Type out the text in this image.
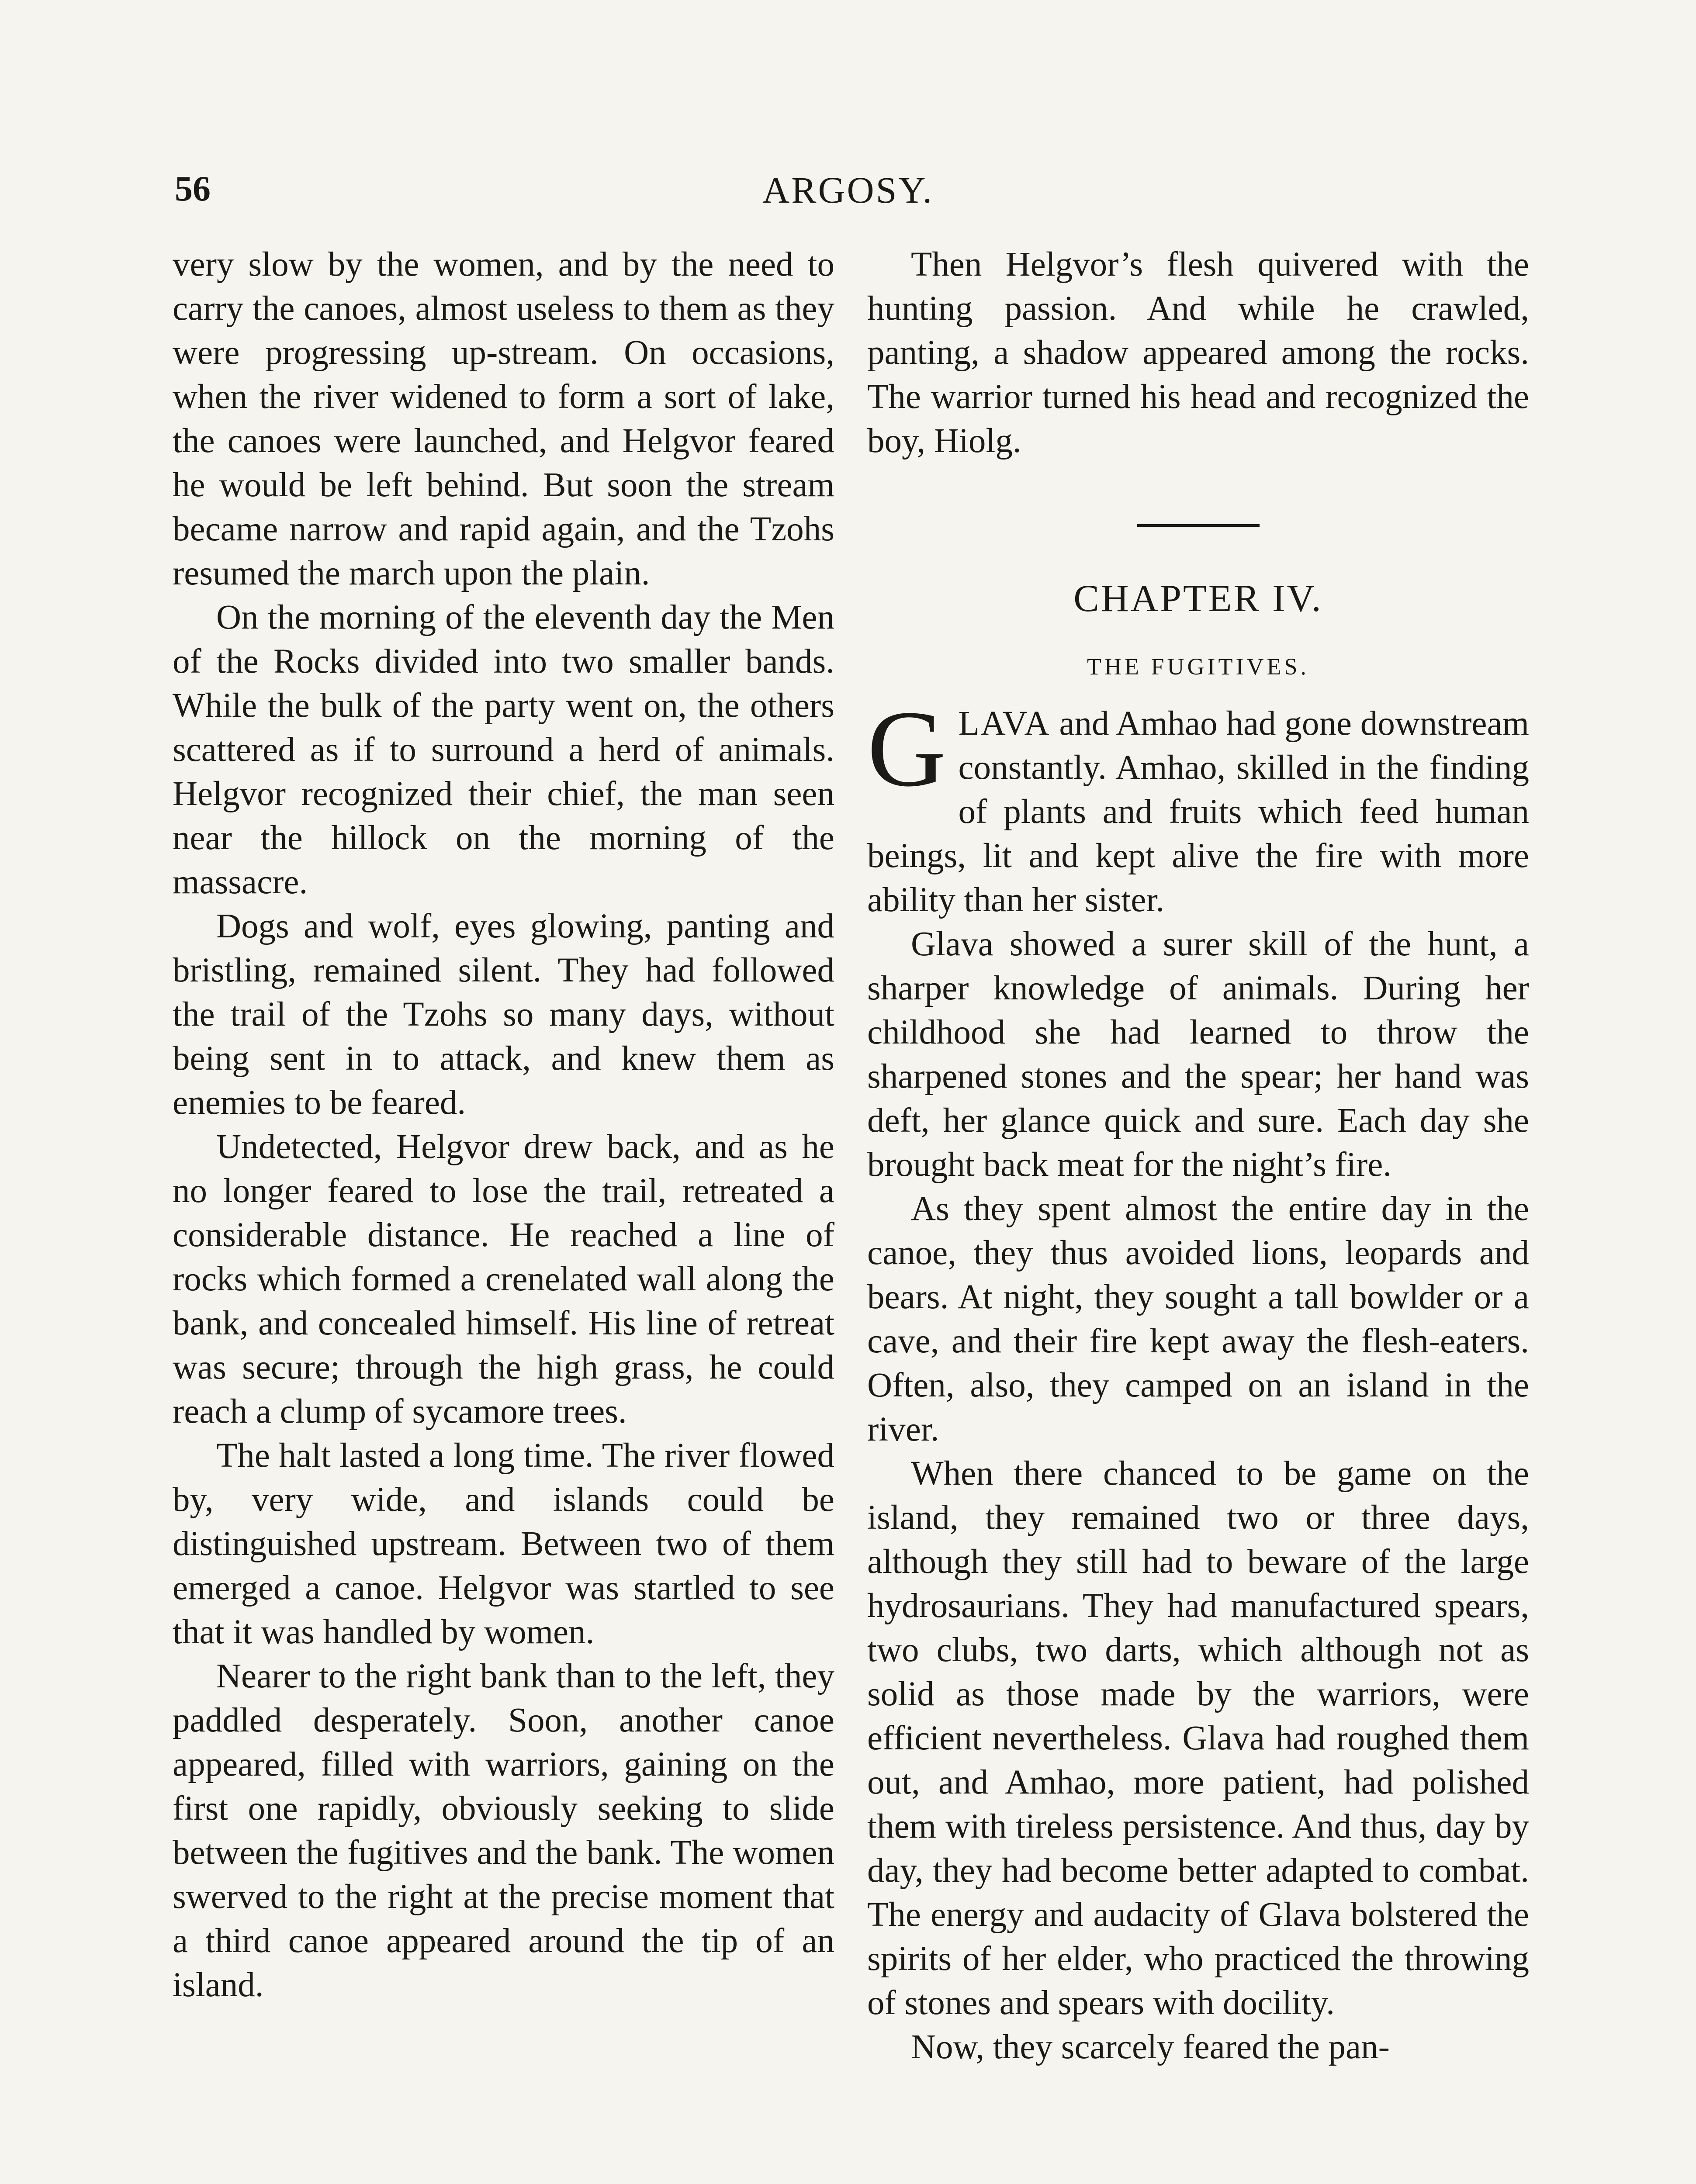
56	ARGOSY.

very slow by the women, and by the need to carry the canoes, almost useless to them as they were progressing up-stream. On occasions, when the river widened to form a sort of lake, the canoes were launched, and Helgvor feared he would be left behind. But soon the stream became narrow and rapid again, and the Tzohs resumed the march upon the plain.

On the morning of the eleventh day the Men of the Rocks divided into two smaller bands. While the bulk of the party went on, the others scattered as if to surround a herd of animals. Helgvor recognized their chief, the man seen near the hillock on the morning of the massacre.

Dogs and wolf, eyes glowing, panting and bristling, remained silent. They had followed the trail of the Tzohs so many days, without being sent in to attack, and knew them as enemies to be feared.

Undetected, Helgvor drew back, and as he no longer feared to lose the trail, retreated a considerable distance. He reached a line of rocks which formed a crenelated wall along the bank, and concealed himself. His line of retreat was secure; through the high grass, he could reach a clump of sycamore trees.

The halt lasted a long time. The river flowed by, very wide, and islands could be distinguished upstream. Between two of them emerged a canoe. Helgvor was startled to see that it was handled by women.

Nearer to the right bank than to the left, they paddled desperately. Soon, another canoe appeared, filled with warriors, gaining on the first one rapidly, obviously seeking to slide between the fugitives and the bank. The women swerved to the right at the precise moment that a third canoe appeared around the tip of an island.

Then Helgvor’s flesh quivered with the hunting passion. And while he crawled, panting, a shadow appeared among the rocks. The warrior turned his head and recognized the boy, Hiolg.

CHAPTER IV.
THE FUGITIVES.

GLAVA and Amhao had gone downstream constantly. Amhao, skilled in the finding of plants and fruits which feed human beings, lit and kept alive the fire with more ability than her sister.

Glava showed a surer skill of the hunt, a sharper knowledge of animals. During her childhood she had learned to throw the sharpened stones and the spear; her hand was deft, her glance quick and sure. Each day she brought back meat for the night’s fire.

As they spent almost the entire day in the canoe, they thus avoided lions, leopards and bears. At night, they sought a tall bowlder or a cave, and their fire kept away the flesh-eaters. Often, also, they camped on an island in the river.

When there chanced to be game on the island, they remained two or three days, although they still had to beware of the large hydrosaurians. They had manufactured spears, two clubs, two darts, which although not as solid as those made by the warriors, were efficient nevertheless. Glava had roughed them out, and Amhao, more patient, had polished them with tireless persistence. And thus, day by day, they had become better adapted to combat. The energy and audacity of Glava bolstered the spirits of her elder, who practiced the throwing of stones and spears with docility.

Now, they scarcely feared the pan-
